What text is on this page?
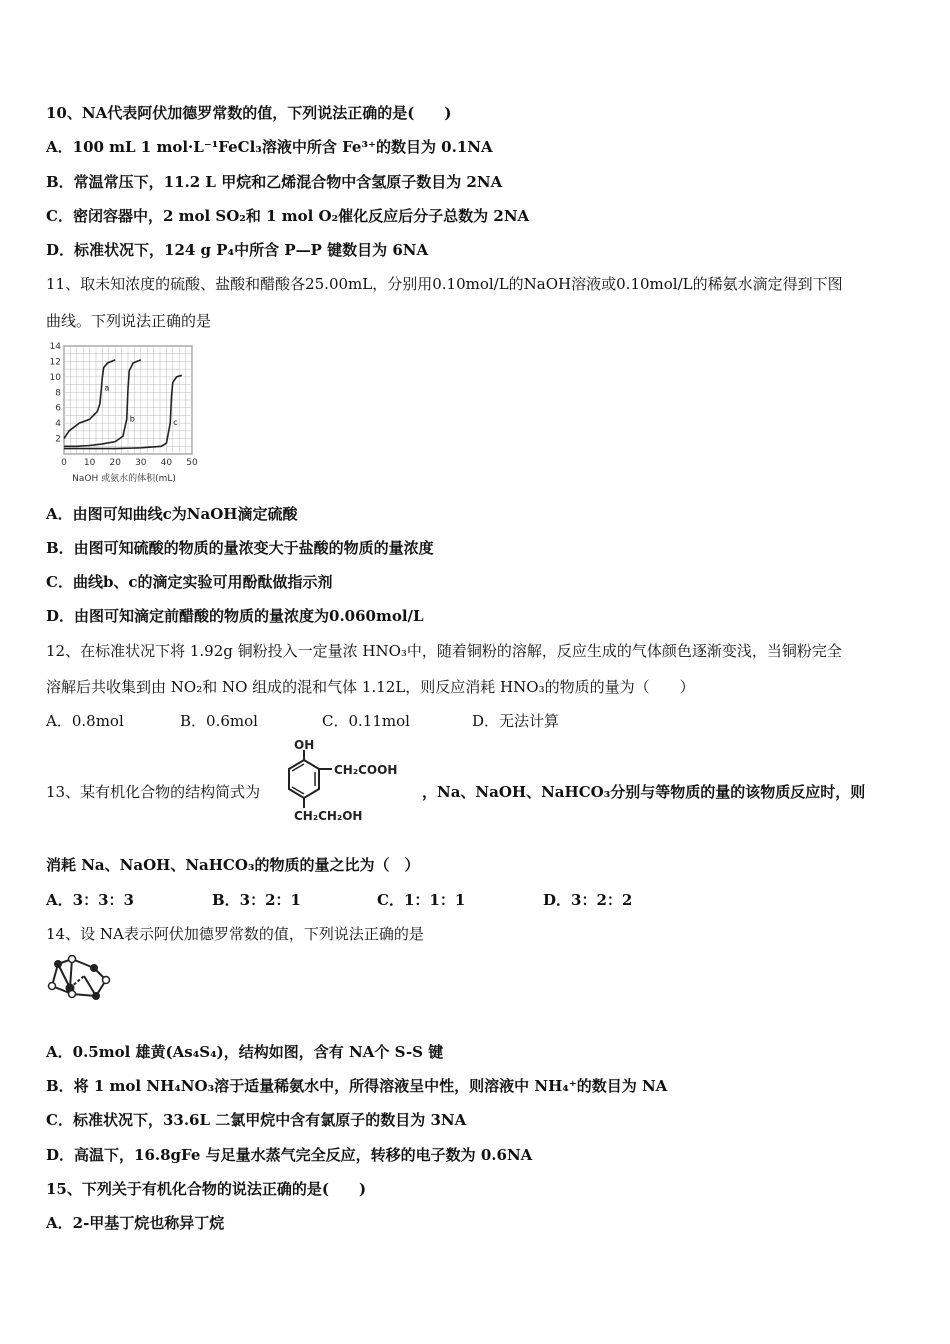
10、NA代表阿伏加德罗常数的值，下列说法正确的是(　　)
A．100 mL 1 mol·L⁻¹FeCl₃溶液中所含 Fe³⁺的数目为 0.1NA
B．常温常压下，11.2 L 甲烷和乙烯混合物中含氢原子数目为 2NA
C．密闭容器中，2 mol SO₂和 1 mol O₂催化反应后分子总数为 2NA
D．标准状况下，124 g P₄中所含 P—P 键数目为 6NA
11、取未知浓度的硫酸、盐酸和醋酸各25.00mL，分别用0.10mol/L的NaOH溶液或0.10mol/L的稀氨水滴定得到下图
曲线。下列说法正确的是
0 10 20 30 40 50
2
4
6
8
10
12
14
a
b	c
NaOH 或氨水的体积(mL)
A．由图可知曲线c为NaOH滴定硫酸
B．由图可知硫酸的物质的量浓变大于盐酸的物质的量浓度
C．曲线b、c的滴定实验可用酚酞做指示剂
D．由图可知滴定前醋酸的物质的量浓度为0.060mol/L
12、在标准状况下将 1.92g 铜粉投入一定量浓 HNO₃中，随着铜粉的溶解，反应生成的气体颜色逐渐变浅，当铜粉完全
溶解后共收集到由 NO₂和 NO 组成的混和气体 1.12L，则反应消耗 HNO₃的物质的量为（　　）
A．0.8mol	B．0.6mol	C．0.11mol	D．无法计算
13、某有机化合物的结构简式为
OH
CH₂COOH
CH₂CH₂OH
，Na、NaOH、NaHCO₃分别与等物质的量的该物质反应时，则
消耗 Na、NaOH、NaHCO₃的物质的量之比为（　）
A．3：3：3	B．3：2：1	C．1：1：1	D．3：2：2
14、设 NA表示阿伏加德罗常数的值，下列说法正确的是
A．0.5mol 雄黄(As₄S₄)，结构如图，含有 NA个 S-S 键
B．将 1 mol NH₄NO₃溶于适量稀氨水中，所得溶液呈中性，则溶液中 NH₄⁺的数目为 NA
C．标准状况下，33.6L 二氯甲烷中含有氯原子的数目为 3NA
D．高温下，16.8gFe 与足量水蒸气完全反应，转移的电子数为 0.6NA
15、下列关于有机化合物的说法正确的是(　　)
A．2-甲基丁烷也称异丁烷
